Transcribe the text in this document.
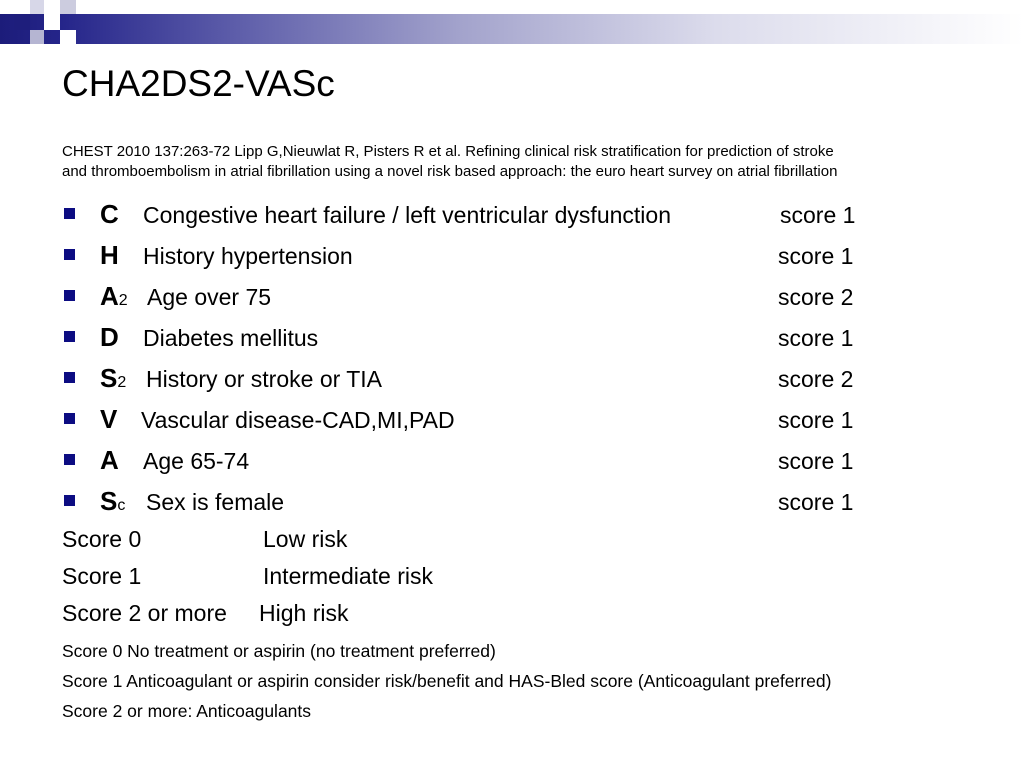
CHA2DS2-VASc
CHEST 2010 137:263-72 Lipp G,Nieuwlat R, Pisters R et al. Refining clinical risk stratification for prediction of stroke
and thromboembolism in atrial fibrillation using a novel risk based approach: the euro heart survey on atrial fibrillation
C Congestive heart failure / left ventricular dysfunction	score 1
H History hypertension	score 1
A2 Age over 75	score 2
D Diabetes mellitus	score 1
S2 History or stroke or TIA	score 2
V Vascular disease-CAD,MI,PAD	score 1
A Age 65-74	score 1
Sc Sex is female	score 1
Score 0	Low risk
Score 1	Intermediate risk
Score 2 or more High risk
Score 0 No treatment or aspirin (no treatment preferred)
Score 1 Anticoagulant or aspirin consider risk/benefit and HAS-Bled score (Anticoagulant preferred)
Score 2 or more: Anticoagulants
